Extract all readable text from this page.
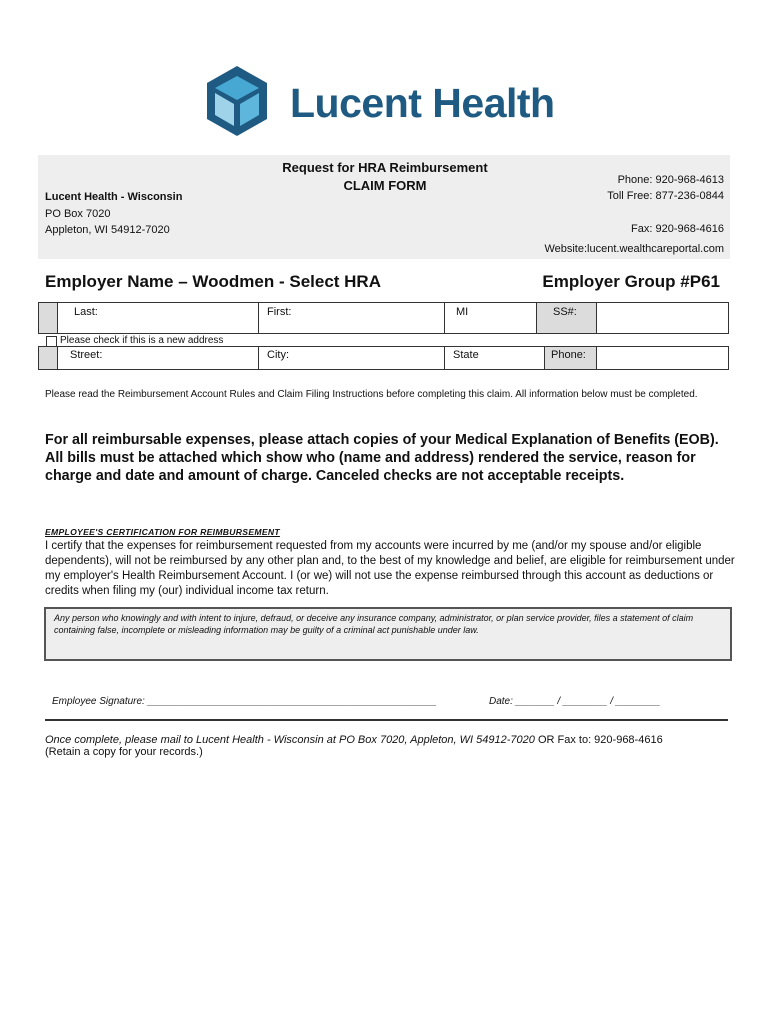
Lucent Health
Request for HRA Reimbursement
CLAIM FORM
Lucent Health - Wisconsin
PO Box 7020
Appleton, WI 54912-7020
Phone: 920-968-4613
Toll Free: 877-236-0844
Fax: 920-968-4616
Website:lucent.wealthcareportal.com
Employer Name – Woodmen - Select HRA	Employer Group #P61
Last:	First:	MI	SS#:
Please check if this is a new address
Street:	City:	State	Phone:
Please read the Reimbursement Account Rules and Claim Filing Instructions before completing this claim. All information below must be completed.
For all reimbursable expenses, please attach copies of your Medical Explanation of Benefits (EOB). All bills must be attached which show who (name and address) rendered the service, reason for charge and date and amount of charge. Canceled checks are not acceptable receipts.
EMPLOYEE'S CERTIFICATION FOR REIMBURSEMENT
I certify that the expenses for reimbursement requested from my accounts were incurred by me (and/or my spouse and/or eligible dependents), will not be reimbursed by any other plan and, to the best of my knowledge and belief, are eligible for reimbursement under my employer's Health Reimbursement Account. I (or we) will not use the expense reimbursed through this account as deductions or credits when filing my (our) individual income tax return.
Any person who knowingly and with intent to injure, defraud, or deceive any insurance company, administrator, or plan service provider, files a statement of claim containing false, incomplete or misleading information may be guilty of a criminal act punishable under law.
Employee Signature: ____________________________________________________	Date: _______ / ________ / ________
Once complete, please mail to Lucent Health - Wisconsin at PO Box 7020, Appleton, WI 54912-7020 OR Fax to: 920-968-4616
(Retain a copy for your records.)
